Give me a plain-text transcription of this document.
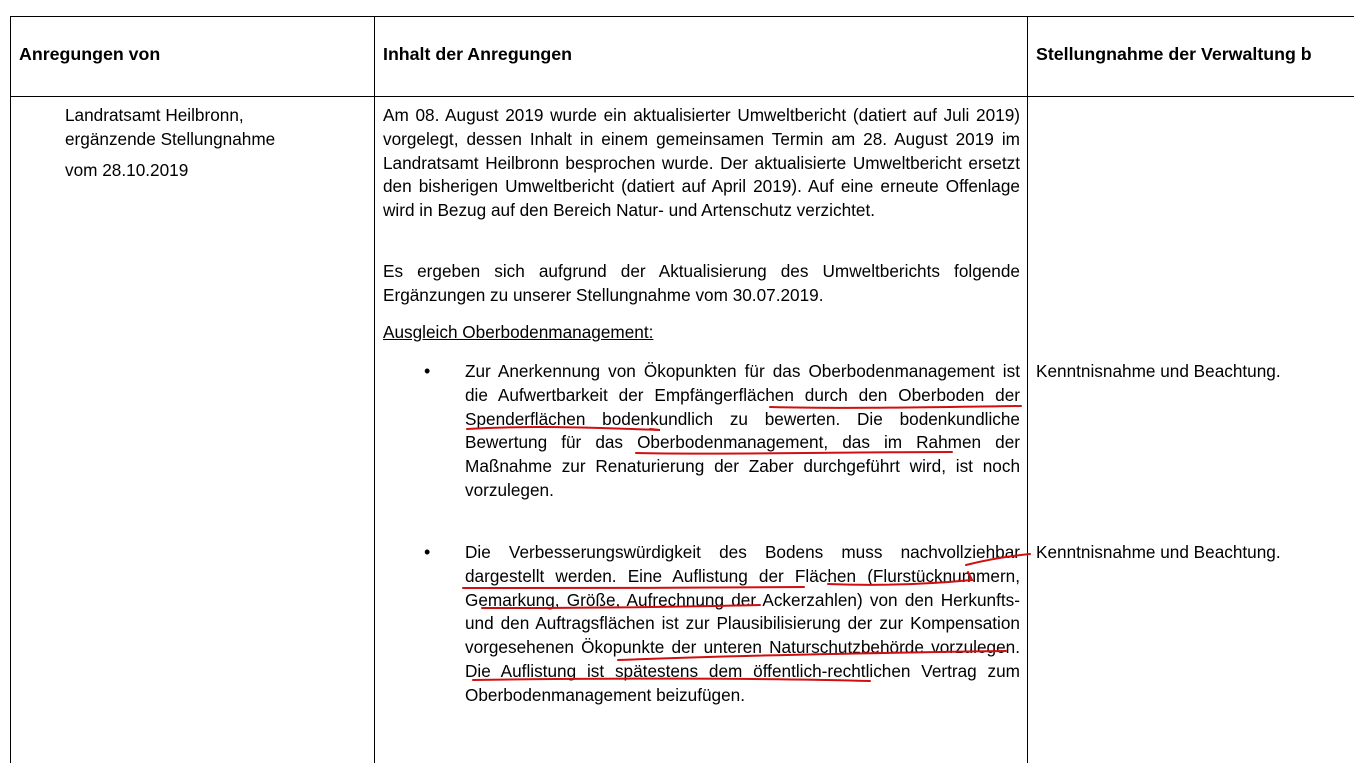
Anregungen von	Inhalt der Anregungen	Stellungnahme der Verwaltung b
Landratsamt Heilbronn,
ergänzende Stellungnahme
vom 28.10.2019

Am 08. August 2019 wurde ein aktualisierter Umweltbericht (datiert auf Juli 2019) vorgelegt, dessen Inhalt in einem gemeinsamen Termin am 28. August 2019 im Landratsamt Heilbronn besprochen wurde. Der aktualisierte Umweltbericht ersetzt den bisherigen Umweltbericht (datiert auf April 2019). Auf eine erneute Offenlage wird in Bezug auf den Bereich Natur- und Artenschutz verzichtet.

Es ergeben sich aufgrund der Aktualisierung des Umweltberichts folgende Ergänzungen zu unserer Stellungnahme vom 30.07.2019.

Ausgleich Oberbodenmanagement:
• Zur Anerkennung von Ökopunkten für das Oberbodenmanagement ist die Aufwertbarkeit der Empfängerflächen durch den Oberboden der Spenderflächen bodenkundlich zu bewerten. Die bodenkundliche Bewertung für das Oberbodenmanagement, das im Rahmen der Maßnahme zur Renaturierung der Zaber durchgeführt wird, ist noch vorzulegen.

• Die Verbesserungswürdigkeit des Bodens muss nachvollziehbar dargestellt werden. Eine Auflistung der Flächen (Flurstücknummern, Gemarkung, Größe, Aufrechnung der Ackerzahlen) von den Herkunfts- und den Auftragsflächen ist zur Plausibilisierung der zur Kompensation vorgesehenen Ökopunkte der unteren Naturschutzbehörde vorzulegen. Die Auflistung ist spätestens dem öffentlich-rechtlichen Vertrag zum Oberbodenmanagement beizufügen.

Kenntnisnahme und Beachtung.
Kenntnisnahme und Beachtung.
